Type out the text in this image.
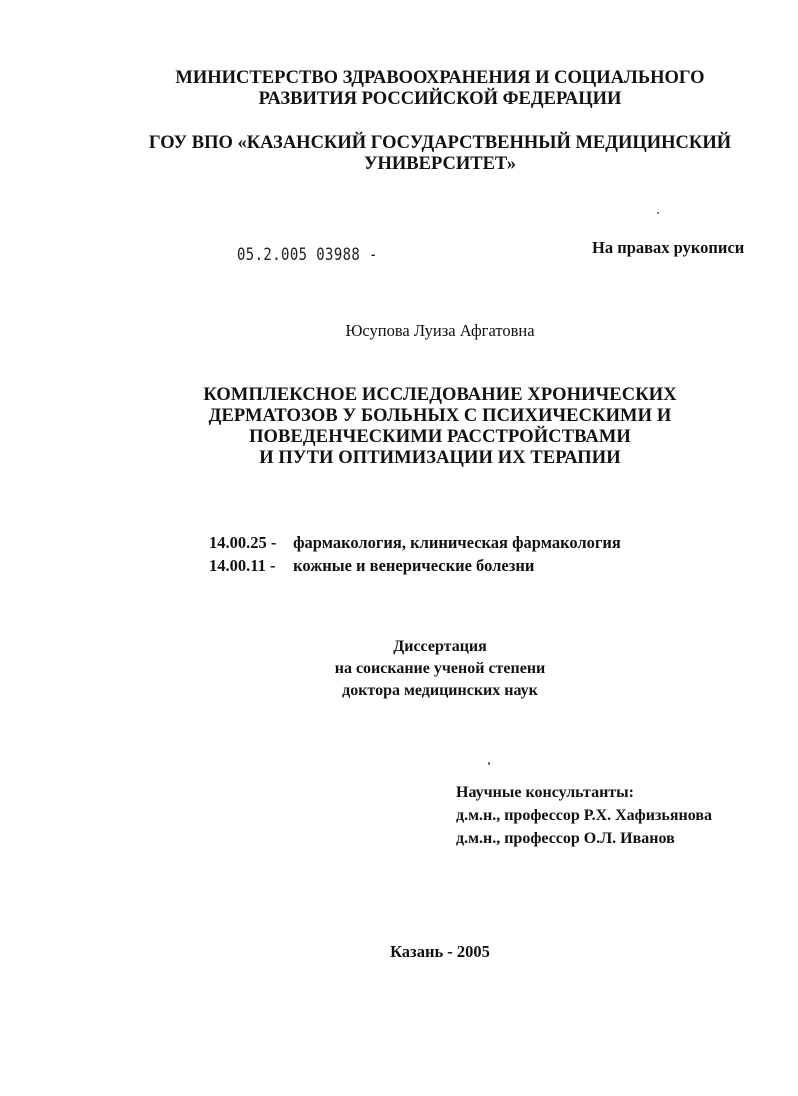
МИНИСТЕРСТВО ЗДРАВООХРАНЕНИЯ И СОЦИАЛЬНОГО
РАЗВИТИЯ РОССИЙСКОЙ ФЕДЕРАЦИИ
ГОУ ВПО «КАЗАНСКИЙ ГОСУДАРСТВЕННЫЙ МЕДИЦИНСКИЙ
УНИВЕРСИТЕТ»
05.2.005 03988 -	На правах рукописи
Юсупова Луиза Афгатовна
КОМПЛЕКСНОЕ ИССЛЕДОВАНИЕ ХРОНИЧЕСКИХ
ДЕРМАТОЗОВ У БОЛЬНЫХ С ПСИХИЧЕСКИМИ И
ПОВЕДЕНЧЕСКИМИ РАССТРОЙСТВАМИ
И ПУТИ ОПТИМИЗАЦИИ ИХ ТЕРАПИИ
14.00.25 - фармакология, клиническая фармакология
14.00.11 - кожные и венерические болезни
Диссертация
на соискание ученой степени
доктора медицинских наук
Научные консультанты:
д.м.н., профессор Р.Х. Хафизьянова
д.м.н., профессор О.Л. Иванов
Казань - 2005
